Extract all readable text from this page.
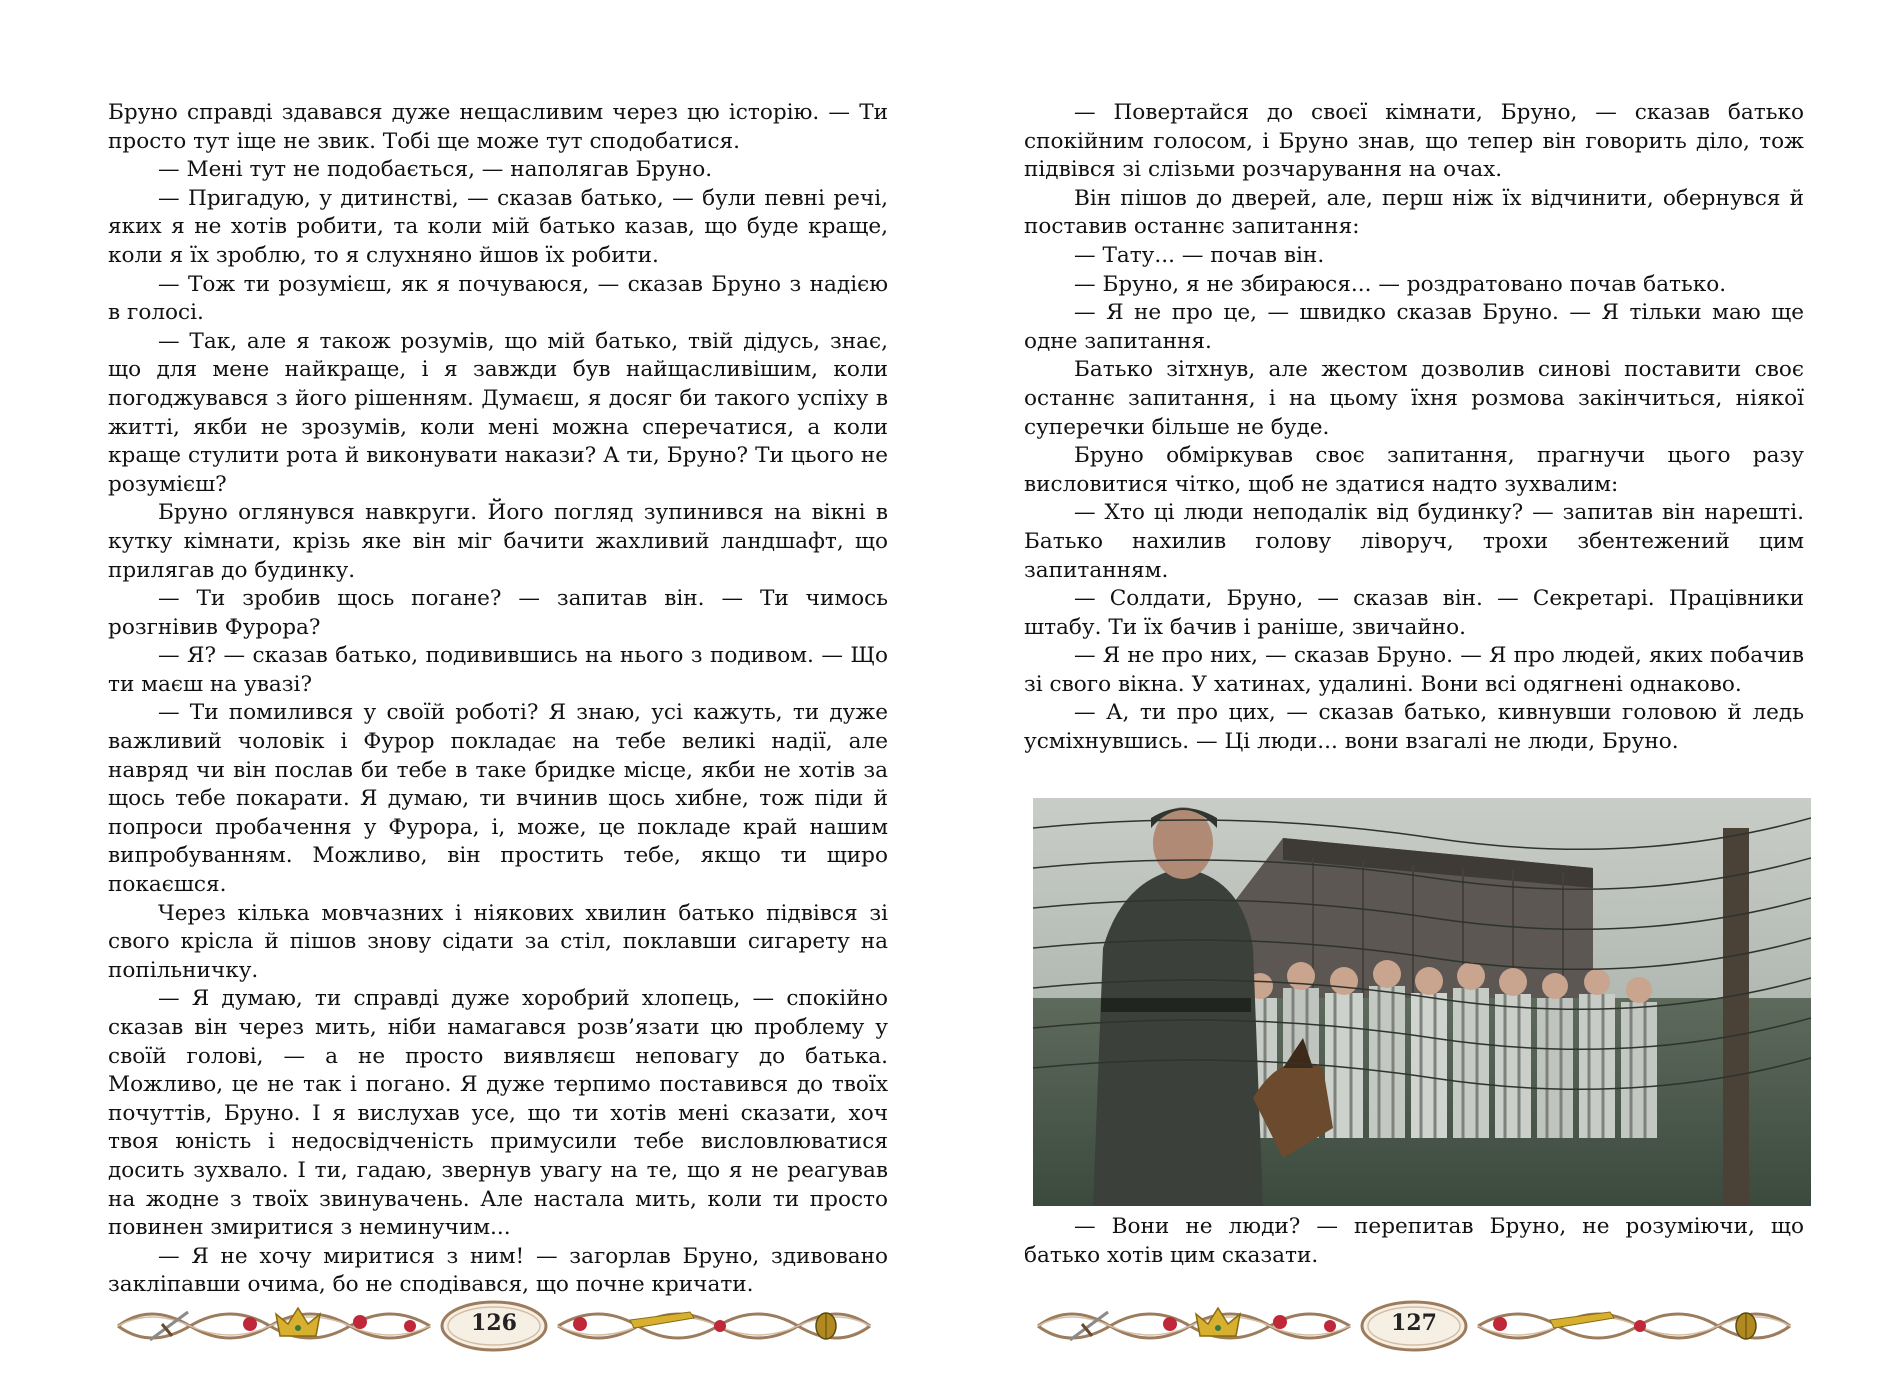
Бруно справді здавався дуже нещасливим через цю історію. — Ти просто тут іще не звик. Тобі ще може тут сподобатися.

— Мені тут не подобається, — наполягав Бруно.

— Пригадую, у дитинстві, — сказав батько, — були певні речі, яких я не хотів робити, та коли мій батько казав, що буде краще, коли я їх зроблю, то я слухняно йшов їх робити.

— Тож ти розумієш, як я почуваюся, — сказав Бруно з надією в голосі.

— Так, але я також розумів, що мій батько, твій дідусь, знає, що для мене найкраще, і я завжди був найщасливішим, коли погоджувався з його рішенням. Думаєш, я досяг би такого успіху в житті, якби не зрозумів, коли мені можна сперечатися, а коли краще стулити рота й виконувати накази? А ти, Бруно? Ти цього не розумієш?

Бруно оглянувся навкруги. Його погляд зупинився на вікні в кутку кімнати, крізь яке він міг бачити жахливий ландшафт, що прилягав до будинку.

— Ти зробив щось погане? — запитав він. — Ти чимось розгнівив Фурора?

— Я? — сказав батько, подивившись на нього з подивом. — Що ти маєш на увазі?

— Ти помилився у своїй роботі? Я знаю, усі кажуть, ти дуже важливий чоловік і Фурор покладає на тебе великі надії, але навряд чи він послав би тебе в таке бридке місце, якби не хотів за щось тебе покарати. Я думаю, ти вчинив щось хибне, тож піди й попроси пробачення у Фурора, і, може, це покладе край нашим випробуванням. Можливо, він простить тебе, якщо ти щиро покаєшся.

Через кілька мовчазних і ніякових хвилин батько підвівся зі свого крісла й пішов знову сідати за стіл, поклавши сигарету на попільничку.

— Я думаю, ти справді дуже хоробрий хлопець, — спокійно сказав він через мить, ніби намагався розв’язати цю проблему у своїй голові, — а не просто виявляєш неповагу до батька. Можливо, це не так і погано. Я дуже терпимо поставився до твоїх почуттів, Бруно. І я вислухав усе, що ти хотів мені сказати, хоч твоя юність і недосвідченість примусили тебе висловлюватися досить зухвало. І ти, гадаю, звернув увагу на те, що я не реагував на жодне з твоїх звинувачень. Але настала мить, коли ти просто повинен змиритися з неминучим...

— Я не хочу миритися з ним! — загорлав Бруно, здивовано закліпавши очима, бо не сподівався, що почне кричати.

126

— Повертайся до своєї кімнати, Бруно, — сказав батько спокійним голосом, і Бруно знав, що тепер він говорить діло, тож підвівся зі слізьми розчарування на очах.

Він пішов до дверей, але, перш ніж їх відчинити, обернувся й поставив останнє запитання:

— Тату... — почав він.

— Бруно, я не збираюся... — роздратовано почав батько.

— Я не про це, — швидко сказав Бруно. — Я тільки маю ще одне запитання.

Батько зітхнув, але жестом дозволив синові поставити своє останнє запитання, і на цьому їхня розмова закінчиться, ніякої суперечки більше не буде.

Бруно обміркував своє запитання, прагнучи цього разу висловитися чітко, щоб не здатися надто зухвалим:

— Хто ці люди неподалік від будинку? — запитав він нарешті. Батько нахилив голову ліворуч, трохи збентежений цим запитанням.

— Солдати, Бруно, — сказав він. — Секретарі. Працівники штабу. Ти їх бачив і раніше, звичайно.

— Я не про них, — сказав Бруно. — Я про людей, яких побачив зі свого вікна. У хатинах, удалині. Вони всі одягнені однаково.

— А, ти про цих, — сказав батько, кивнувши головою й ледь усміхнувшись. — Ці люди... вони взагалі не люди, Бруно.

— Вони не люди? — перепитав Бруно, не розуміючи, що батько хотів цим сказати.

127
